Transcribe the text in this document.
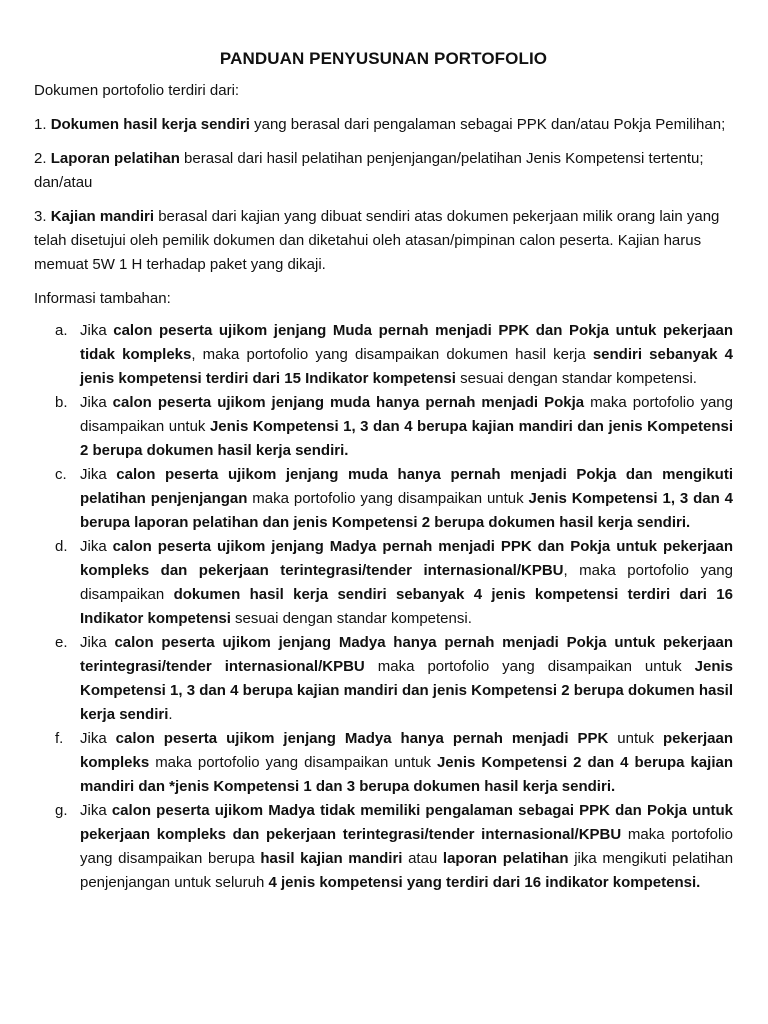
PANDUAN PENYUSUNAN PORTOFOLIO

Dokumen portofolio terdiri dari:

1. Dokumen hasil kerja sendiri yang berasal dari pengalaman sebagai PPK dan/atau Pokja Pemilihan;

2. Laporan pelatihan berasal dari hasil pelatihan penjenjangan/pelatihan Jenis Kompetensi tertentu; dan/atau

3. Kajian mandiri berasal dari kajian yang dibuat sendiri atas dokumen pekerjaan milik orang lain yang telah disetujui oleh pemilik dokumen dan diketahui oleh atasan/pimpinan calon peserta. Kajian harus memuat 5W 1 H terhadap paket yang dikaji.

Informasi tambahan:

a. Jika calon peserta ujikom jenjang Muda pernah menjadi PPK dan Pokja untuk pekerjaan tidak kompleks, maka portofolio yang disampaikan dokumen hasil kerja sendiri sebanyak 4 jenis kompetensi terdiri dari 15 Indikator kompetensi sesuai dengan standar kompetensi.
b. Jika calon peserta ujikom jenjang muda hanya pernah menjadi Pokja maka portofolio yang disampaikan untuk Jenis Kompetensi 1, 3 dan 4 berupa kajian mandiri dan jenis Kompetensi 2 berupa dokumen hasil kerja sendiri.
c. Jika calon peserta ujikom jenjang muda hanya pernah menjadi Pokja dan mengikuti pelatihan penjenjangan maka portofolio yang disampaikan untuk Jenis Kompetensi 1, 3 dan 4 berupa laporan pelatihan dan jenis Kompetensi 2 berupa dokumen hasil kerja sendiri.
d. Jika calon peserta ujikom jenjang Madya pernah menjadi PPK dan Pokja untuk pekerjaan kompleks dan pekerjaan terintegrasi/tender internasional/KPBU, maka portofolio yang disampaikan dokumen hasil kerja sendiri sebanyak 4 jenis kompetensi terdiri dari 16 Indikator kompetensi sesuai dengan standar kompetensi.
e. Jika calon peserta ujikom jenjang Madya hanya pernah menjadi Pokja untuk pekerjaan terintegrasi/tender internasional/KPBU maka portofolio yang disampaikan untuk Jenis Kompetensi 1, 3 dan 4 berupa kajian mandiri dan jenis Kompetensi 2 berupa dokumen hasil kerja sendiri.
f. Jika calon peserta ujikom jenjang Madya hanya pernah menjadi PPK untuk pekerjaan kompleks maka portofolio yang disampaikan untuk Jenis Kompetensi 2 dan 4 berupa kajian mandiri dan *jenis Kompetensi 1 dan 3 berupa dokumen hasil kerja sendiri.
g. Jika calon peserta ujikom Madya tidak memiliki pengalaman sebagai PPK dan Pokja untuk pekerjaan kompleks dan pekerjaan terintegrasi/tender internasional/KPBU maka portofolio yang disampaikan berupa hasil kajian mandiri atau laporan pelatihan jika mengikuti pelatihan penjenjangan untuk seluruh 4 jenis kompetensi yang terdiri dari 16 indikator kompetensi.
